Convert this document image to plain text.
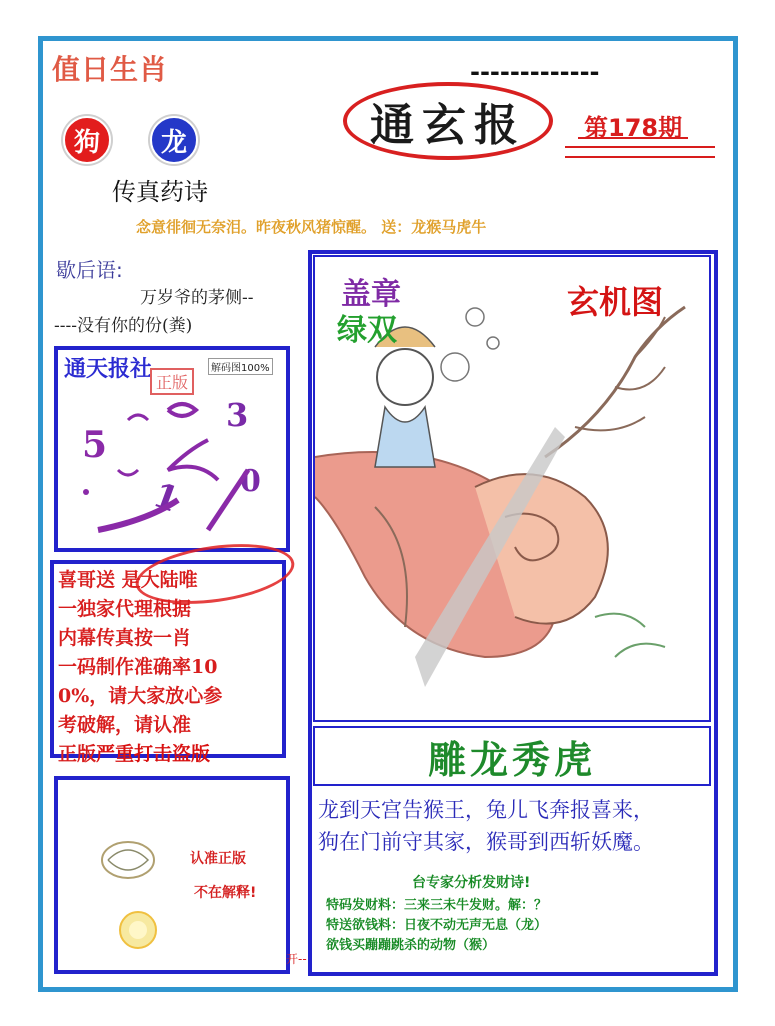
值日生肖	-------------
狗	龙
传真药诗
通玄报 第178期
念意徘徊无奈泪。昨夜秋风猪惊醒。 送：龙猴马虎牛
歇后语:
万岁爷的茅侧--
----没有你的份(粪)
通天报社	解码图100%
正版
5
3
0
1
喜哥送 是大陆唯
一独家代理根据
内幕传真按一肖
一码制作准确率10
0%，请大家放心参
考破解，请认准
正版严重打击盗版
认准正版
不在解释!
开--
盖章
绿双
玄机图
雕龙秀虎
龙到天宫告猴王，兔儿飞奔报喜来，
狗在门前守其家，猴哥到西斩妖魔。
台专家分析发财诗!
特码发财料：三来三未牛发财。解：？
特送欲钱料：日夜不动无声无息（龙）
欲钱买蹦蹦跳杀的动物（猴）
